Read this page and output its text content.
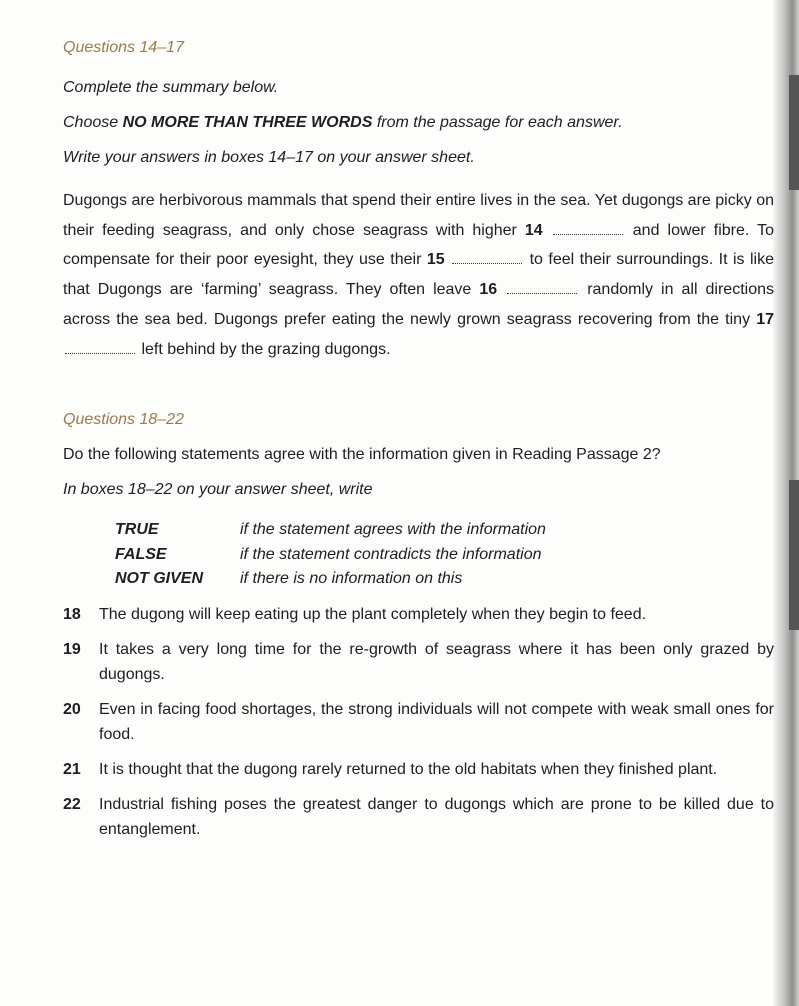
Questions 14–17
Complete the summary below.
Choose NO MORE THAN THREE WORDS from the passage for each answer.
Write your answers in boxes 14–17 on your answer sheet.
Dugongs are herbivorous mammals that spend their entire lives in the sea. Yet dugongs are picky on their feeding seagrass, and only chose seagrass with higher 14	and lower fibre. To compensate for their poor eyesight, they use their 15	to feel their surroundings. It is like that Dugongs are ‘farming’ seagrass. They often leave 16	randomly in all directions across the sea bed. Dugongs prefer eating the newly grown seagrass recovering from the tiny 17  left behind by the grazing dugongs.
Questions 18–22
Do the following statements agree with the information given in Reading Passage 2?
In boxes 18–22 on your answer sheet, write
TRUE	if the statement agrees with the information
FALSE	if the statement contradicts the information
NOT GIVEN	if there is no information on this
18	The dugong will keep eating up the plant completely when they begin to feed.
19	It takes a very long time for the re-growth of seagrass where it has been only grazed by dugongs.
20	Even in facing food shortages, the strong individuals will not compete with weak small ones for food.
21	It is thought that the dugong rarely returned to the old habitats when they finished plant.
22	Industrial fishing poses the greatest danger to dugongs which are prone to be killed due to entanglement.
